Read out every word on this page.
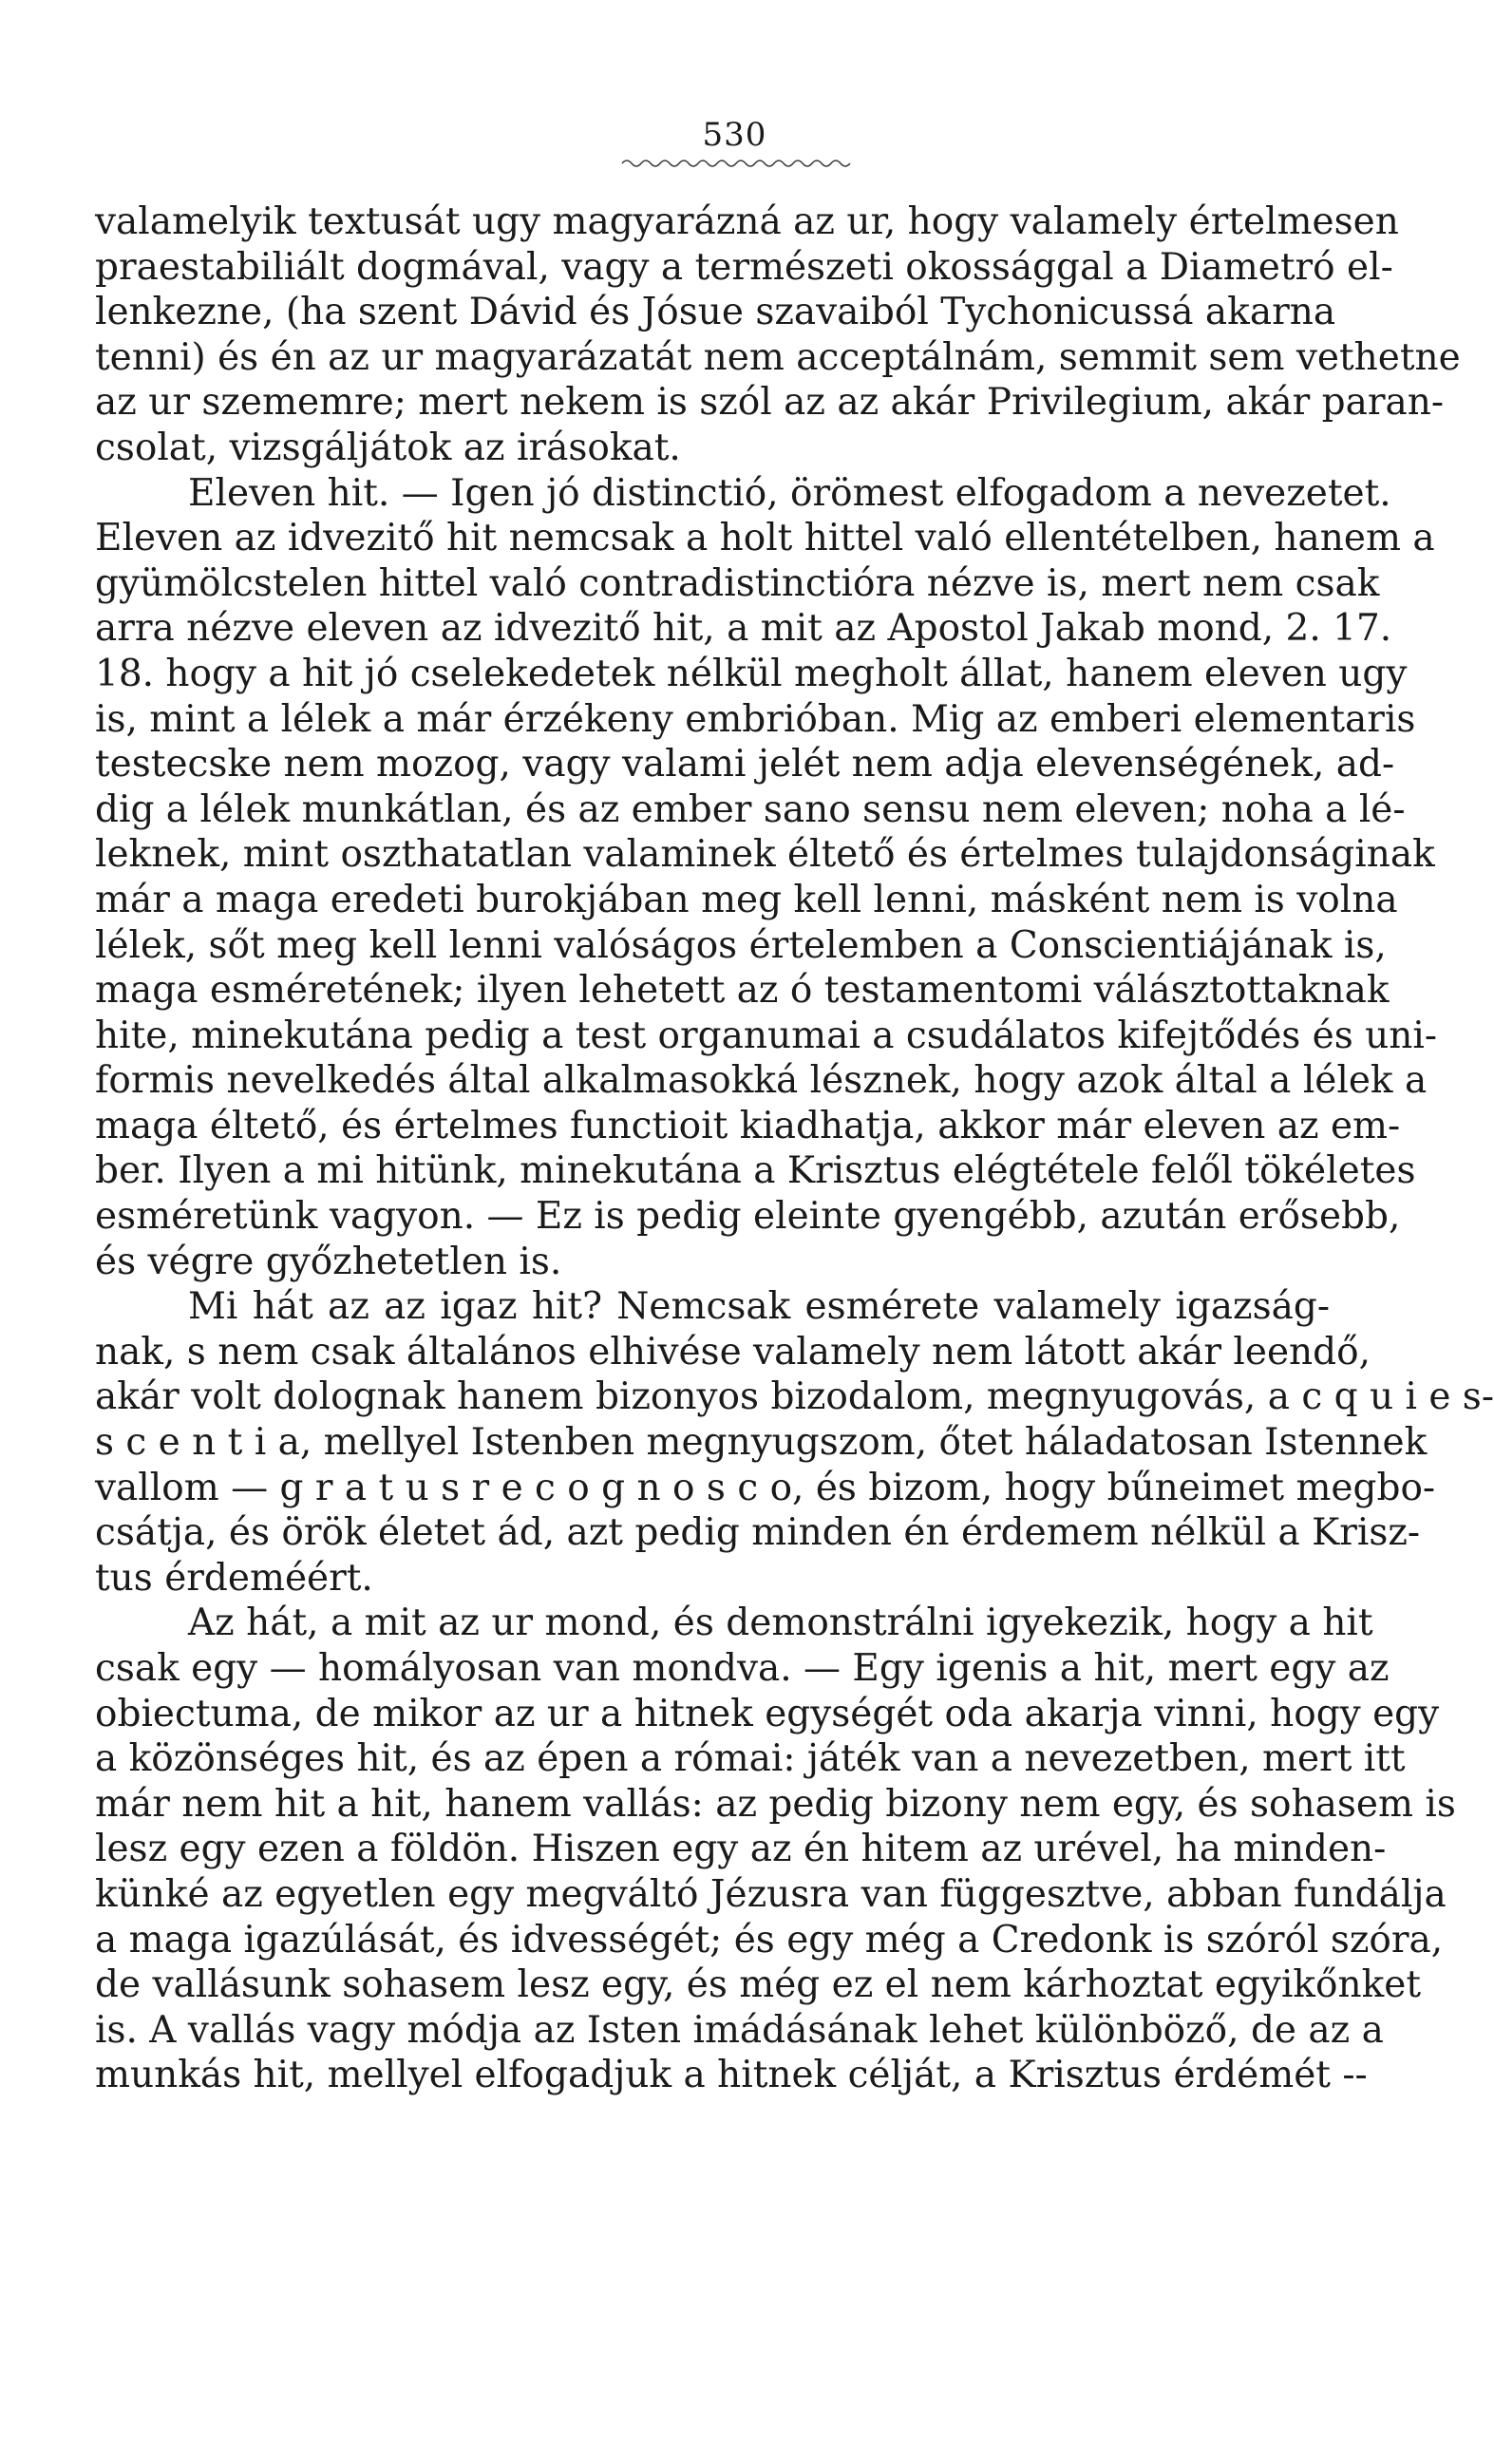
530
valamelyik textusát ugy magyarázná az ur, hogy valamely értelmesen
praestabiliált dogmával, vagy a természeti okossággal a Diametró el-
lenkezne, (ha szent Dávid és Jósue szavaiból Tychonicussá akarna
tenni) és én az ur magyarázatát nem acceptálnám, semmit sem vethetne
az ur szememre; mert nekem is szól az az akár Privilegium, akár paran-
csolat, vizsgáljátok az irásokat.
Eleven hit. — Igen jó distinctió, örömest elfogadom a nevezetet.
Eleven az idvezitő hit nemcsak a holt hittel való ellentételben, hanem a
gyümölcstelen hittel való contradistinctióra nézve is, mert nem csak
arra nézve eleven az idvezitő hit, a mit az Apostol Jakab mond, 2. 17.
18. hogy a hit jó cselekedetek nélkül megholt állat, hanem eleven ugy
is, mint a lélek a már érzékeny embrióban. Mig az emberi elementaris
testecske nem mozog, vagy valami jelét nem adja elevenségének, ad-
dig a lélek munkátlan, és az ember sano sensu nem eleven; noha a lé-
leknek, mint oszthatatlan valaminek éltető és értelmes tulajdonságinak
már a maga eredeti burokjában meg kell lenni, másként nem is volna
lélek, sőt meg kell lenni valóságos értelemben a Conscientiájának is,
maga esméretének; ilyen lehetett az ó testamentomi válásztottaknak
hite, minekutána pedig a test organumai a csudálatos kifejtődés és uni-
formis nevelkedés által alkalmasokká lésznek, hogy azok által a lélek a
maga éltető, és értelmes functioit kiadhatja, akkor már eleven az em-
ber. Ilyen a mi hitünk, minekutána a Krisztus elégtétele felől tökéletes
esméretünk vagyon. — Ez is pedig eleinte gyengébb, azután erősebb,
és végre győzhetetlen is.
Mi hát az az igaz hit? Nemcsak esmérete valamely igazság-
nak, s nem csak általános elhivése valamely nem látott akár leendő,
akár volt dolognak hanem bizonyos bizodalom, megnyugovás, a c q u i e s-
s c e n t i a, mellyel Istenben megnyugszom, őtet háladatosan Istennek
vallom — g r a t u s r e c o g n o s c o, és bizom, hogy bűneimet megbo-
csátja, és örök életet ád, azt pedig minden én érdemem nélkül a Krisz-
tus érdeméért.
Az hát, a mit az ur mond, és demonstrálni igyekezik, hogy a hit
csak egy — homályosan van mondva. — Egy igenis a hit, mert egy az
obiectuma, de mikor az ur a hitnek egységét oda akarja vinni, hogy egy
a közönséges hit, és az épen a római: játék van a nevezetben, mert itt
már nem hit a hit, hanem vallás: az pedig bizony nem egy, és sohasem is
lesz egy ezen a földön. Hiszen egy az én hitem az urével, ha minden-
künké az egyetlen egy megváltó Jézusra van függesztve, abban fundálja
a maga igazúlását, és idvességét; és egy még a Credonk is szóról szóra,
de vallásunk sohasem lesz egy, és még ez el nem kárhoztat egyikőnket
is. A vallás vagy módja az Isten imádásának lehet különböző, de az a
munkás hit, mellyel elfogadjuk a hitnek célját, a Krisztus érdémét --
